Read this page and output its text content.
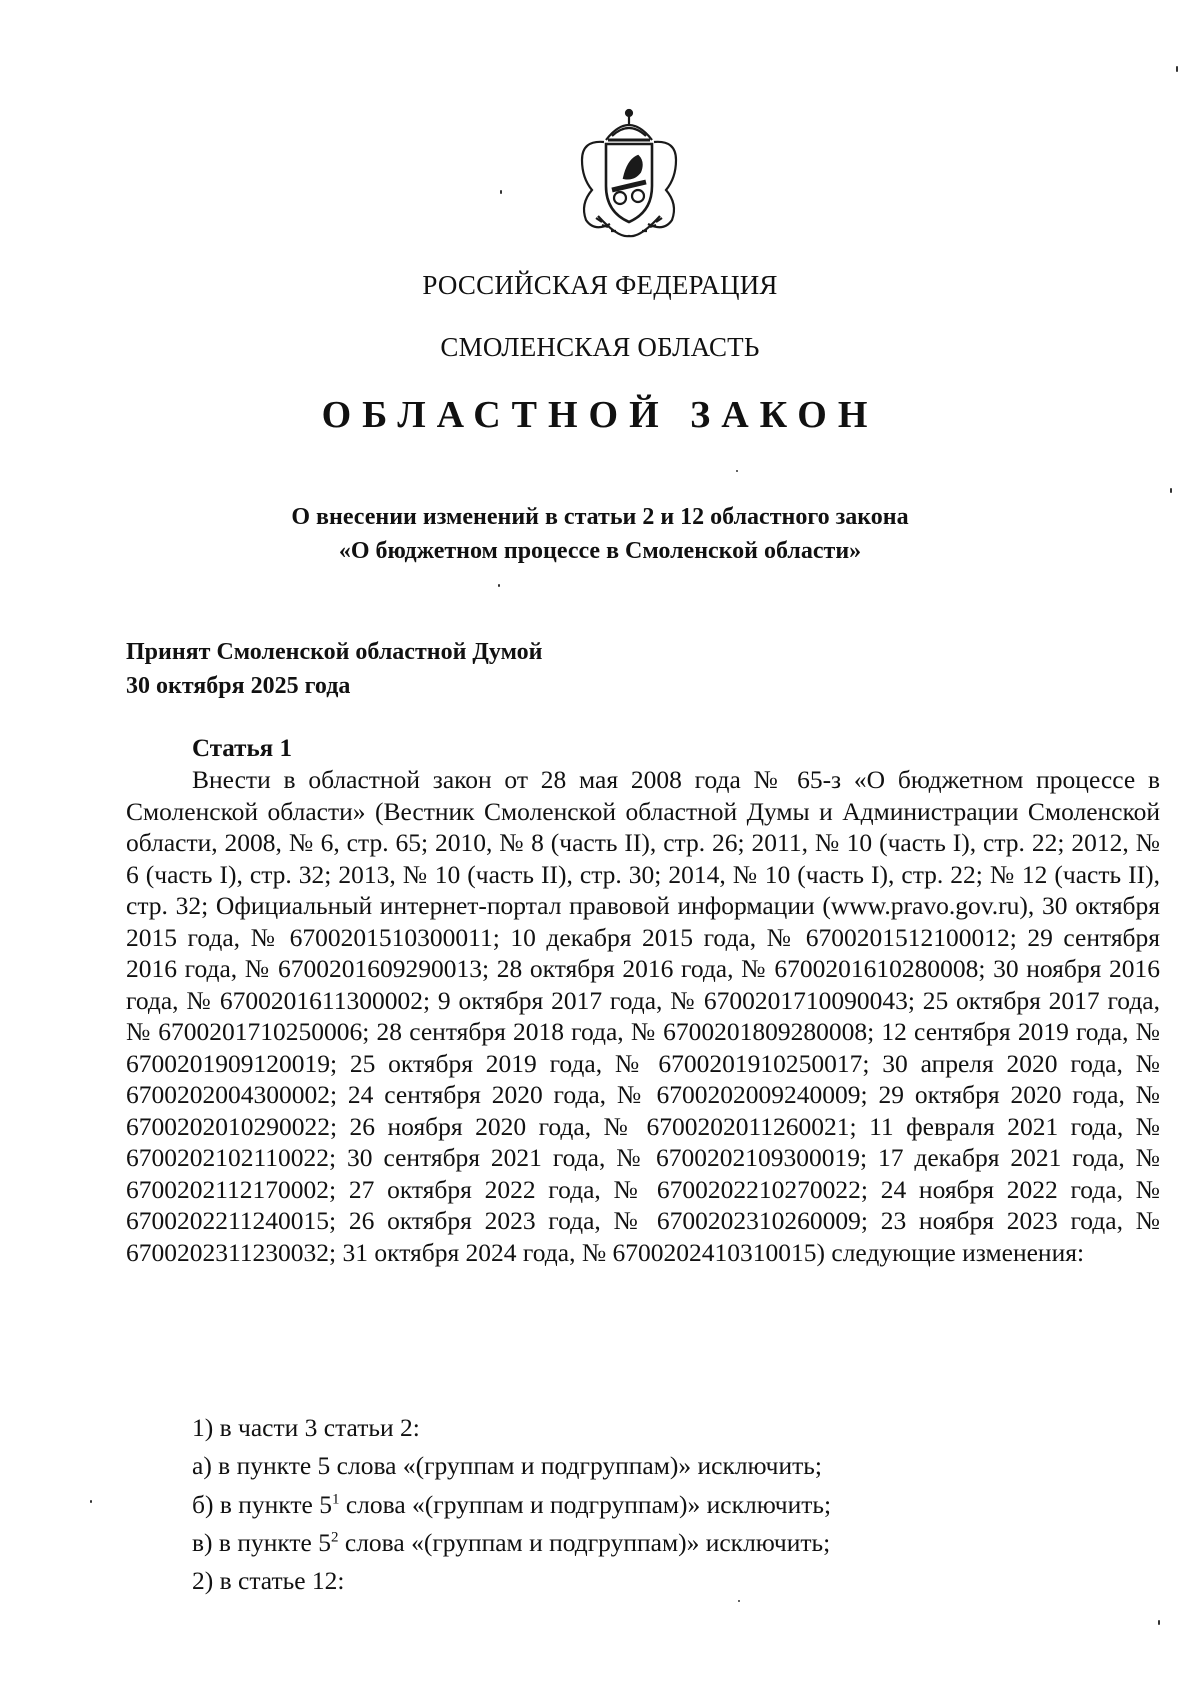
РОССИЙСКАЯ ФЕДЕРАЦИЯ
СМОЛЕНСКАЯ ОБЛАСТЬ
ОБЛАСТНОЙ ЗАКОН
О внесении изменений в статьи 2 и 12 областного закона
«О бюджетном процессе в Смоленской области»
Принят Смоленской областной Думой
30 октября 2025 года
Статья 1
Внести в областной закон от 28 мая 2008 года № 65-з «О бюджетном процессе в Смоленской области» (Вестник Смоленской областной Думы и Администрации Смоленской области, 2008, № 6, стр. 65; 2010, № 8 (часть II), стр. 26; 2011, № 10 (часть I), стр. 22; 2012, № 6 (часть I), стр. 32; 2013, № 10 (часть II), стр. 30; 2014, № 10 (часть I), стр. 22; № 12 (часть II), стр. 32; Официальный интернет-портал правовой информации (www.pravo.gov.ru), 30 октября 2015 года, № 6700201510300011; 10 декабря 2015 года, № 6700201512100012; 29 сентября 2016 года, № 6700201609290013; 28 октября 2016 года, № 6700201610280008; 30 ноября 2016 года, № 6700201611300002; 9 октября 2017 года, № 6700201710090043; 25 октября 2017 года, № 6700201710250006; 28 сентября 2018 года, № 6700201809280008; 12 сентября 2019 года, № 6700201909120019; 25 октября 2019 года, № 6700201910250017; 30 апреля 2020 года, № 6700202004300002; 24 сентября 2020 года, № 6700202009240009; 29 октября 2020 года, № 6700202010290022; 26 ноября 2020 года, № 6700202011260021; 11 февраля 2021 года, № 6700202102110022; 30 сентября 2021 года, № 6700202109300019; 17 декабря 2021 года, № 6700202112170002; 27 октября 2022 года, № 6700202210270022; 24 ноября 2022 года, № 6700202211240015; 26 октября 2023 года, № 6700202310260009; 23 ноября 2023 года, № 6700202311230032; 31 октября 2024 года, № 6700202410310015) следующие изменения:
1) в части 3 статьи 2:
а) в пункте 5 слова «(группам и подгруппам)» исключить;
б) в пункте $5^1$ слова «(группам и подгруппам)» исключить;
в) в пункте $5^2$ слова «(группам и подгруппам)» исключить;
2) в статье 12:
